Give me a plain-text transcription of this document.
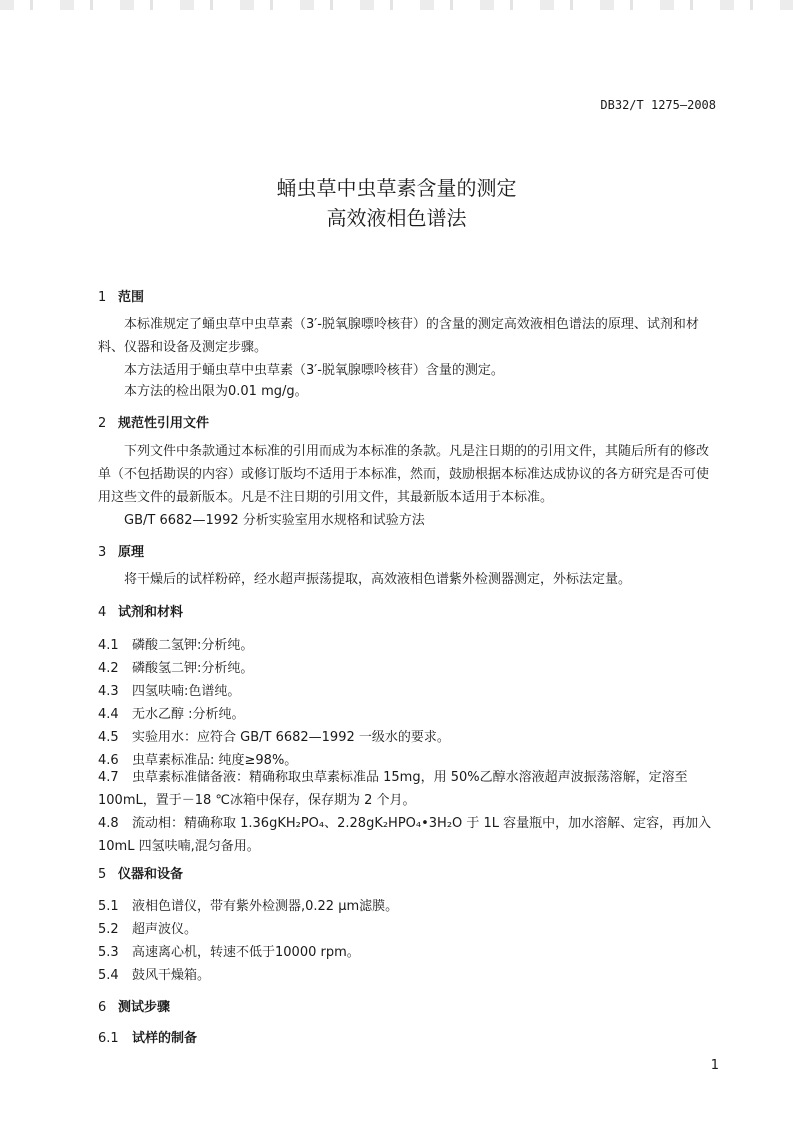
DB32/T 1275—2008
蛹虫草中虫草素含量的测定
高效液相色谱法
1 范围
本标准规定了蛹虫草中虫草素（3′-脱氧腺嘌呤核苷）的含量的测定高效液相色谱法的原理、试剂和材料、仪器和设备及测定步骤。
本方法适用于蛹虫草中虫草素（3′-脱氧腺嘌呤核苷）含量的测定。
本方法的检出限为0.01 mg/g。
2 规范性引用文件
下列文件中条款通过本标准的引用而成为本标准的条款。凡是注日期的的引用文件，其随后所有的修改单（不包括勘误的内容）或修订版均不适用于本标准，然而，鼓励根据本标准达成协议的各方研究是否可使用这些文件的最新版本。凡是不注日期的引用文件，其最新版本适用于本标准。
GB/T 6682—1992 分析实验室用水规格和试验方法
3 原理
将干燥后的试样粉碎，经水超声振荡提取，高效液相色谱紫外检测器测定，外标法定量。
4 试剂和材料
4.1 磷酸二氢钾:分析纯。
4.2 磷酸氢二钾:分析纯。
4.3 四氢呋喃:色谱纯。
4.4 无水乙醇 :分析纯。
4.5 实验用水：应符合 GB/T 6682—1992 一级水的要求。
4.6 虫草素标准品: 纯度≥98%。
4.7 虫草素标准储备液：精确称取虫草素标准品 15mg，用 50%乙醇水溶液超声波振荡溶解，定溶至100mL，置于－18 ℃冰箱中保存，保存期为 2 个月。
4.8 流动相：精确称取 1.36gKH₂PO₄、2.28gK₂HPO₄•3H₂O 于 1L 容量瓶中，加水溶解、定容，再加入 10mL 四氢呋喃,混匀备用。
5 仪器和设备
5.1 液相色谱仪，带有紫外检测器,0.22 μm滤膜。
5.2 超声波仪。
5.3 高速离心机，转速不低于10000 rpm。
5.4 鼓风干燥箱。
6 测试步骤
6.1 试样的制备
1
